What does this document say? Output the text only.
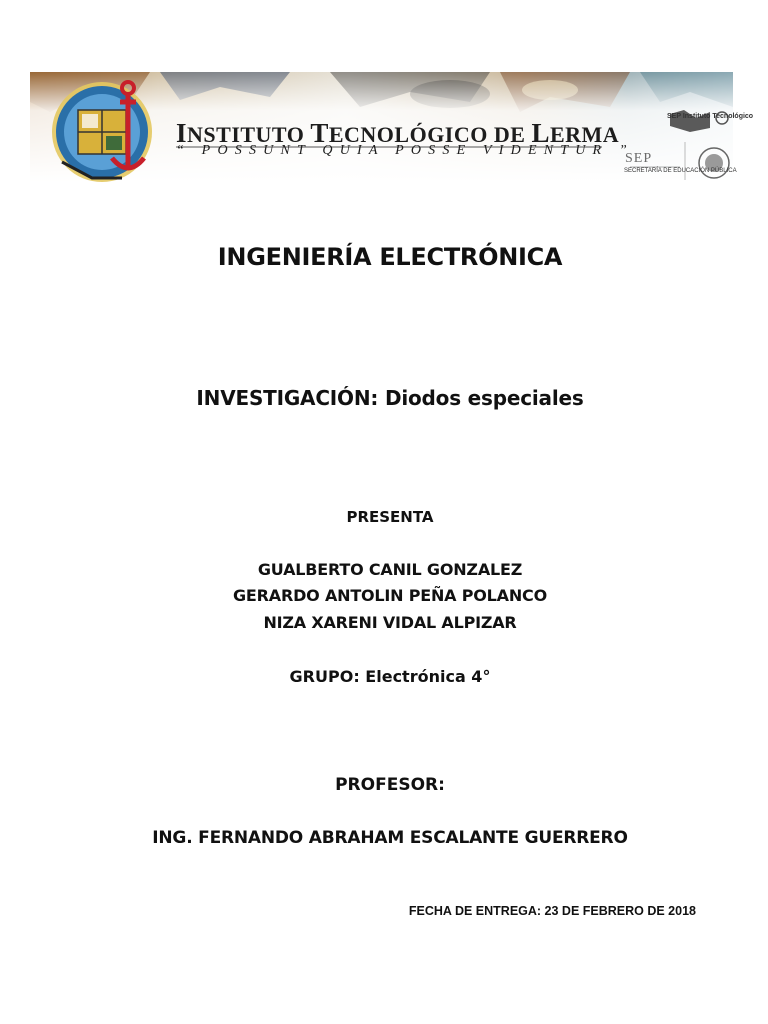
INSTITUTO TECNOLÓGICO DE LERMA
“ POSSUNT QUIA POSSE VIDENTUR ”
SEP Instituto Tecnológico
SEP
SECRETARÍA DE EDUCACIÓN PÚBLICA
INGENIERÍA ELECTRÓNICA
INVESTIGACIÓN: Diodos especiales
PRESENTA
GUALBERTO CANIL GONZALEZ
GERARDO ANTOLIN PEÑA POLANCO
NIZA XARENI VIDAL ALPIZAR
GRUPO: Electrónica 4°
PROFESOR:
ING. FERNANDO ABRAHAM ESCALANTE GUERRERO
FECHA DE ENTREGA: 23 DE FEBRERO DE 2018
